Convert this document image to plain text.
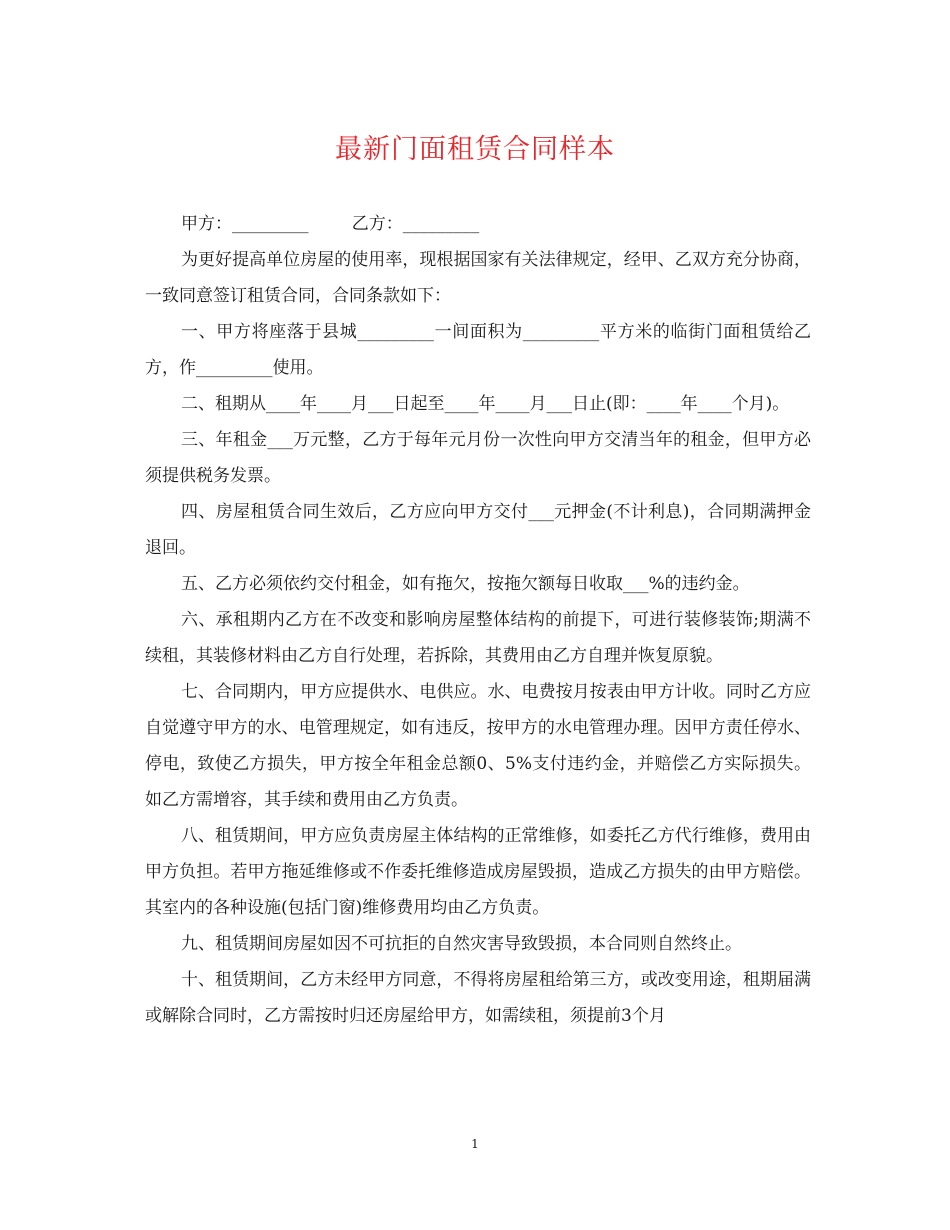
最新门面租赁合同样本

甲方：_________        乙方：_________

为更好提高单位房屋的使用率，现根据国家有关法律规定，经甲、乙双方充分协商，一致同意签订租赁合同，合同条款如下：

一、甲方将座落于县城_________一间面积为_________平方米的临街门面租赁给乙方，作_________使用。

二、租期从____年____月___日起至____年____月___日止(即：____年____个月)。

三、年租金___万元整，乙方于每年元月份一次性向甲方交清当年的租金，但甲方必须提供税务发票。

四、房屋租赁合同生效后，乙方应向甲方交付___元押金(不计利息)，合同期满押金退回。

五、乙方必须依约交付租金，如有拖欠，按拖欠额每日收取___%的违约金。

六、承租期内乙方在不改变和影响房屋整体结构的前提下，可进行装修装饰;期满不续租，其装修材料由乙方自行处理，若拆除，其费用由乙方自理并恢复原貌。

七、合同期内，甲方应提供水、电供应。水、电费按月按表由甲方计收。同时乙方应自觉遵守甲方的水、电管理规定，如有违反，按甲方的水电管理办理。因甲方责任停水、停电，致使乙方损失，甲方按全年租金总额0、5%支付违约金，并赔偿乙方实际损失。如乙方需增容，其手续和费用由乙方负责。

八、租赁期间，甲方应负责房屋主体结构的正常维修，如委托乙方代行维修，费用由甲方负担。若甲方拖延维修或不作委托维修造成房屋毁损，造成乙方损失的由甲方赔偿。其室内的各种设施(包括门窗)维修费用均由乙方负责。

九、租赁期间房屋如因不可抗拒的自然灾害导致毁损，本合同则自然终止。

十、租赁期间，乙方未经甲方同意，不得将房屋租给第三方，或改变用途，租期届满或解除合同时，乙方需按时归还房屋给甲方，如需续租，须提前3个月

1
